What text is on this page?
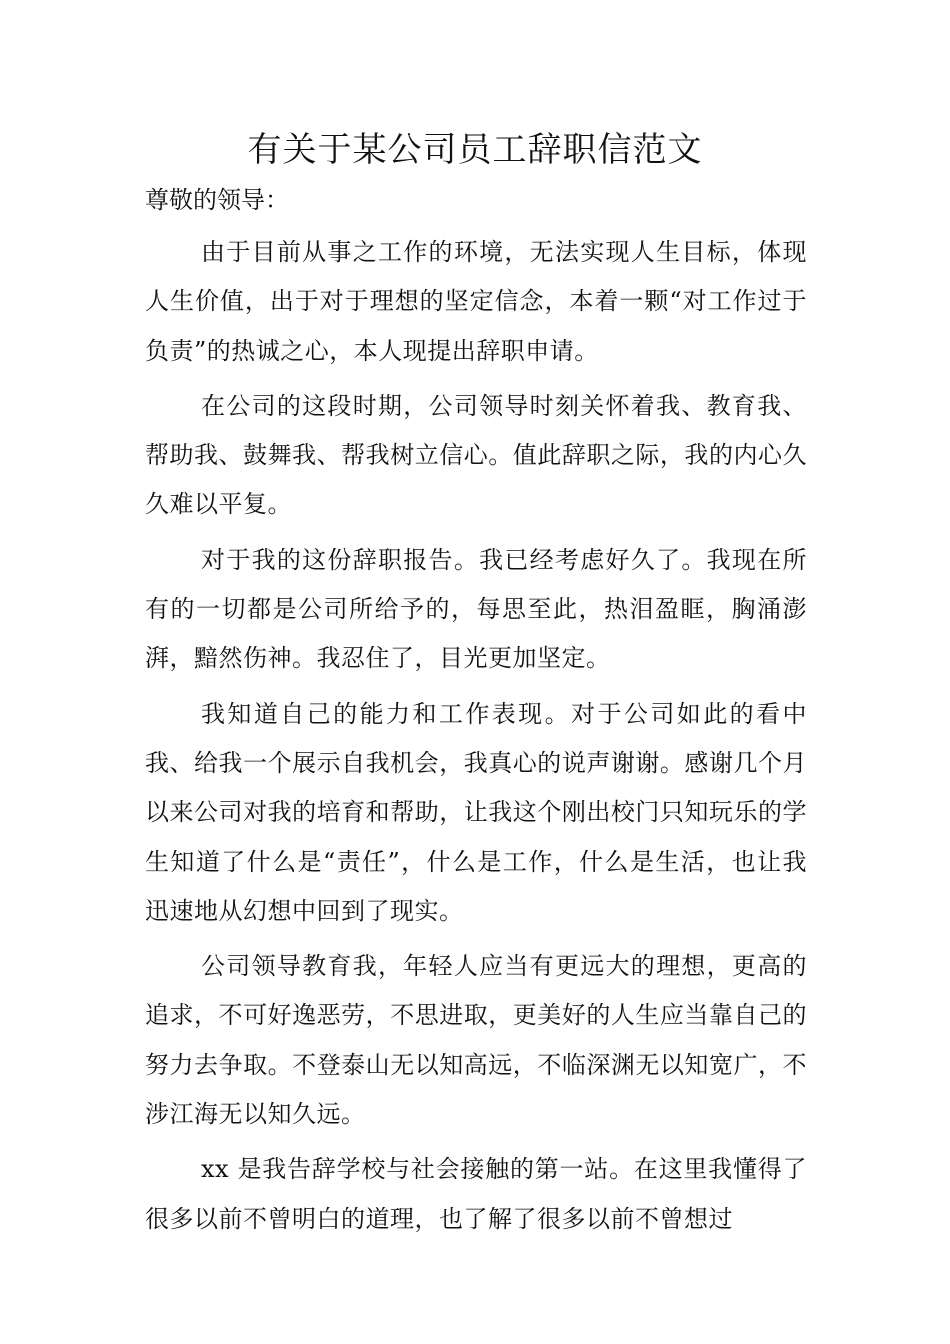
有关于某公司员工辞职信范文

尊敬的领导：

由于目前从事之工作的环境，无法实现人生目标，体现人生价值，出于对于理想的坚定信念，本着一颗“对工作过于负责”的热诚之心，本人现提出辞职申请。

在公司的这段时期，公司领导时刻关怀着我、教育我、帮助我、鼓舞我、帮我树立信心。值此辞职之际，我的内心久久难以平复。

对于我的这份辞职报告。我已经考虑好久了。我现在所有的一切都是公司所给予的，每思至此，热泪盈眶，胸涌澎湃，黯然伤神。我忍住了，目光更加坚定。

我知道自己的能力和工作表现。对于公司如此的看中我、给我一个展示自我机会，我真心的说声谢谢。感谢几个月以来公司对我的培育和帮助，让我这个刚出校门只知玩乐的学生知道了什么是“责任”，什么是工作，什么是生活，也让我迅速地从幻想中回到了现实。

公司领导教育我，年轻人应当有更远大的理想，更高的追求，不可好逸恶劳，不思进取，更美好的人生应当靠自己的努力去争取。不登泰山无以知高远，不临深渊无以知宽广，不涉江海无以知久远。

xx 是我告辞学校与社会接触的第一站。在这里我懂得了很多以前不曾明白的道理，也了解了很多以前不曾想过
